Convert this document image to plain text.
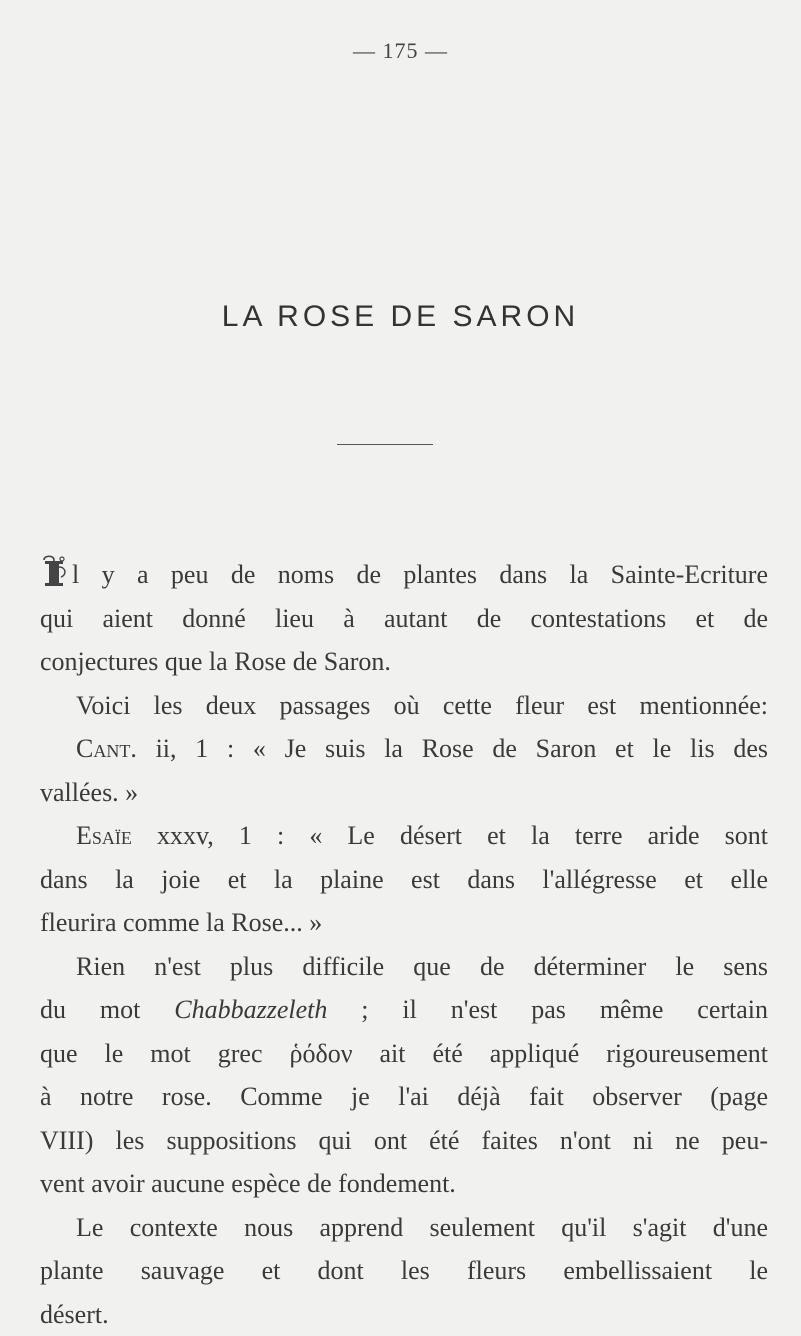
— 175 —
LA ROSE DE SARON
l y a peu de noms de plantes dans la Sainte-Ecriture
qui aient donné lieu à autant de contestations et de
conjectures que la Rose de Saron.
Voici les deux passages où cette fleur est mentionnée:
Cant. ii, 1 : « Je suis la Rose de Saron et le lis des
vallées. »
Esaïe xxxv, 1 : « Le désert et la terre aride sont
dans la joie et la plaine est dans l'allégresse et elle
fleurira comme la Rose... »
Rien n'est plus difficile que de déterminer le sens
du mot Chabbazzeleth ; il n'est pas même certain
que le mot grec ῥόδον ait été appliqué rigoureusement
à notre rose. Comme je l'ai déjà fait observer (page
VIII) les suppositions qui ont été faites n'ont ni ne peu-
vent avoir aucune espèce de fondement.
Le contexte nous apprend seulement qu'il s'agit d'une
plante sauvage et dont les fleurs embellissaient le
désert.
